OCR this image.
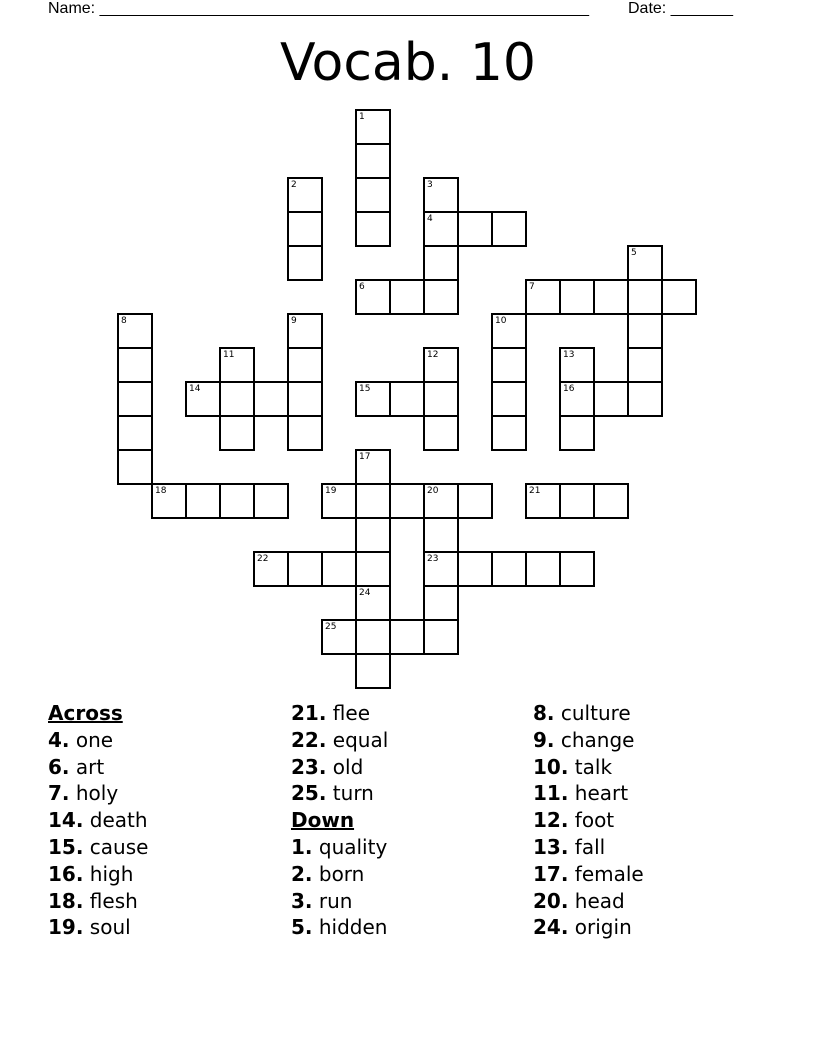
Name: _______________________________________________________ Date: _______
Vocab. 10
1
2	3
4
5
6	7
8	9	10
11	12	13
14	15	16
17
18	19	20	21
22	23
24
25
Across
4. one
6. art
7. holy
14. death
15. cause
16. high
18. flesh
19. soul
21. flee
22. equal
23. old
25. turn
Down
1. quality
2. born
3. run
5. hidden
8. culture
9. change
10. talk
11. heart
12. foot
13. fall
17. female
20. head
24. origin
